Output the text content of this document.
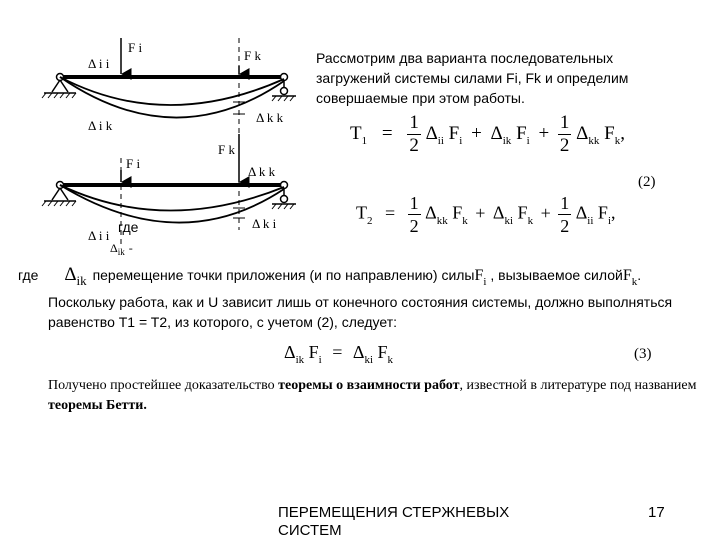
F i
F k
Δ i i
Δ i k
Δ k k
F i
F k
Δ k k
Δ i i
Δ k i
где
$\Delta_{ik}$ -
Рассмотрим два варианта последовательных загружений системы силами Fi, Fk и определим совершаемые при этом работы.
$T_1 = \frac{1}{2} \Delta_{ii}$ $F_i + \Delta_{ik}$ $F_i + \frac{1}{2} \Delta_{kk}$ $F_k$,
(2)
$T_2 = \frac{1}{2} \Delta_{kk}$ $F_k + \Delta_{ki}$ $F_k + \frac{1}{2} \Delta_{ii}$ $F_i$,
где Δik перемещение точки приложения (и по направлению) силыF$_i$ , вызываемое силойF$_k$.
Поскольку работа, как и U зависит лишь от конечного состояния системы, должно выполняться равенство T1 = T2, из которого, с учетом (2), следует:
$\Delta_{ik}$ $F_i = \Delta_{ki}$ $F_k$	(3)
Получено простейшее доказательство теоремы о взаимности работ, известной в литературе под названием теоремы Бетти.
ПЕРЕМЕЩЕНИЯ СТЕРЖНЕВЫХ СИСТЕМ
17
